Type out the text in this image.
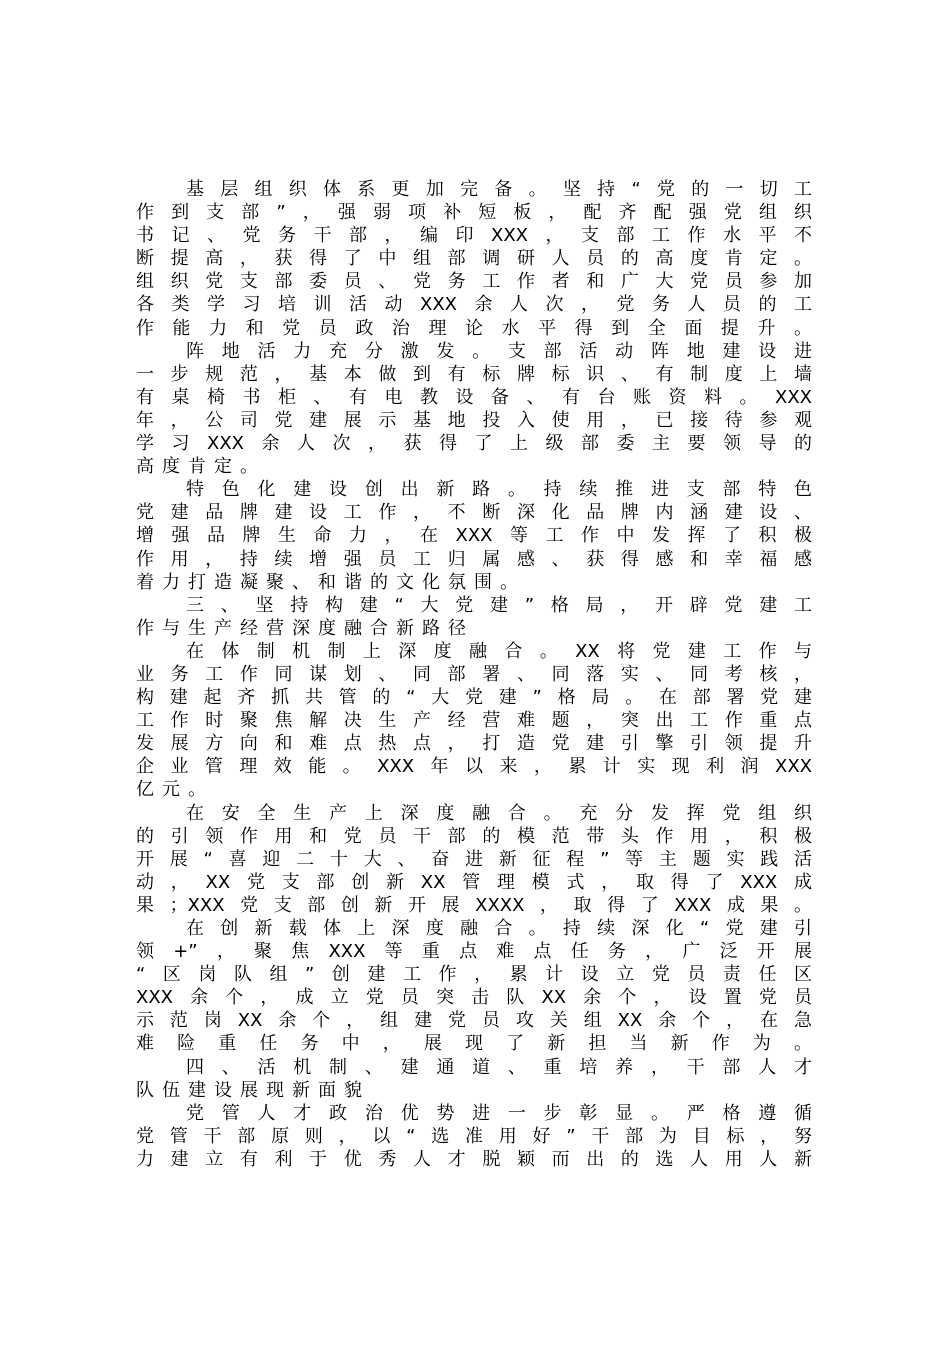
基层组织体系更加完备。坚持“党的一切工
作到支部”，强弱项补短板，配齐配强党组织
书记、党务干部，编印XXX，支部工作水平不
断提高，获得了中组部调研人员的高度肯定。
组织党支部委员、党务工作者和广大党员参加
各类学习培训活动XXX余人次，党务人员的工
作能力和党员政治理论水平得到全面提升。
阵地活力充分激发。支部活动阵地建设进
一步规范，基本做到有标牌标识、有制度上墙
有桌椅书柜、有电教设备、有台账资料。XXX
年，公司党建展示基地投入使用，已接待参观
学习XXX余人次，获得了上级部委主要领导的
高度肯定。
特色化建设创出新路。持续推进支部特色
党建品牌建设工作，不断深化品牌内涵建设、
增强品牌生命力，在XXX等工作中发挥了积极
作用，持续增强员工归属感、获得感和幸福感
着力打造凝聚、和谐的文化氛围。
三、坚持构建“大党建”格局，开辟党建工
作与生产经营深度融合新路径
在体制机制上深度融合。XX将党建工作与
业务工作同谋划、同部署、同落实、同考核，
构建起齐抓共管的“大党建”格局。在部署党建
工作时聚焦解决生产经营难题，突出工作重点
发展方向和难点热点，打造党建引擎引领提升
企业管理效能。XXX年以来，累计实现利润XXX
亿元。
在安全生产上深度融合。充分发挥党组织
的引领作用和党员干部的模范带头作用，积极
开展“喜迎二十大、奋进新征程”等主题实践活
动，XX党支部创新XX管理模式，取得了XXX成
果；XXX党支部创新开展XXXX，取得了XXX成果。
在创新载体上深度融合。持续深化“党建引
领+”，聚焦XXX等重点难点任务，广泛开展
“区岗队组”创建工作，累计设立党员责任区
XXX余个，成立党员突击队XX余个，设置党员
示范岗XX余个，组建党员攻关组XX余个，在急
难险重任务中，展现了新担当新作为。
四、活机制、建通道、重培养，干部人才
队伍建设展现新面貌
党管人才政治优势进一步彰显。严格遵循
党管干部原则，以“选准用好”干部为目标，努
力建立有利于优秀人才脱颖而出的选人用人新
